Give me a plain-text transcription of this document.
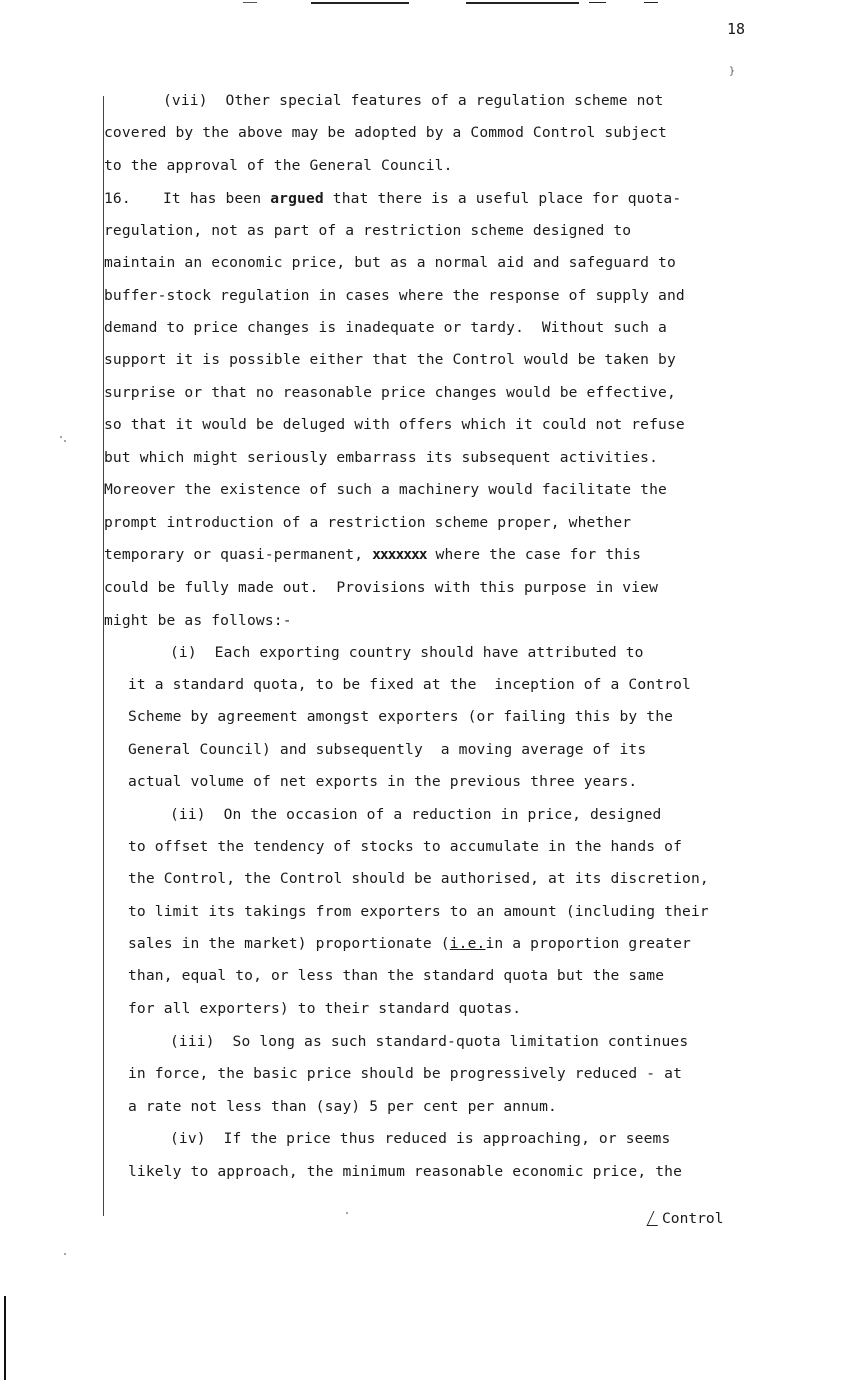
18
}
(vii)  Other special features of a regulation scheme not
covered by the above may be adopted by a Commod Control subject
to the approval of the General Council.
16. It has been argued that there is a useful place for quota-
regulation, not as part of a restriction scheme designed to
maintain an economic price, but as a normal aid and safeguard to
buffer-stock regulation in cases where the response of supply and
demand to price changes is inadequate or tardy.  Without such a
support it is possible either that the Control would be taken by
surprise or that no reasonable price changes would be effective,
so that it would be deluged with offers which it could not refuse
but which might seriously embarrass its subsequent activities.
Moreover the existence of such a machinery would facilitate the
prompt introduction of a restriction scheme proper, whether
temporary or quasi-permanent, xxxxxxx where the case for this
could be fully made out.  Provisions with this purpose in view
might be as follows:-
(i)  Each exporting country should have attributed to
it a standard quota, to be fixed at the  inception of a Control
Scheme by agreement amongst exporters (or failing this by the
General Council) and subsequently  a moving average of its
actual volume of net exports in the previous three years.
(ii)  On the occasion of a reduction in price, designed
to offset the tendency of stocks to accumulate in the hands of
the Control, the Control should be authorised, at its discretion,
to limit its takings from exporters to an amount (including their
sales in the market) proportionate (i.e.in a proportion greater
than, equal to, or less than the standard quota but the same
for all exporters) to their standard quotas.
(iii)  So long as such standard-quota limitation continues
in force, the basic price should be progressively reduced - at
a rate not less than (say) 5 per cent per annum.
(iv)  If the price thus reduced is approaching, or seems
likely to approach, the minimum reasonable economic price, the
Control
